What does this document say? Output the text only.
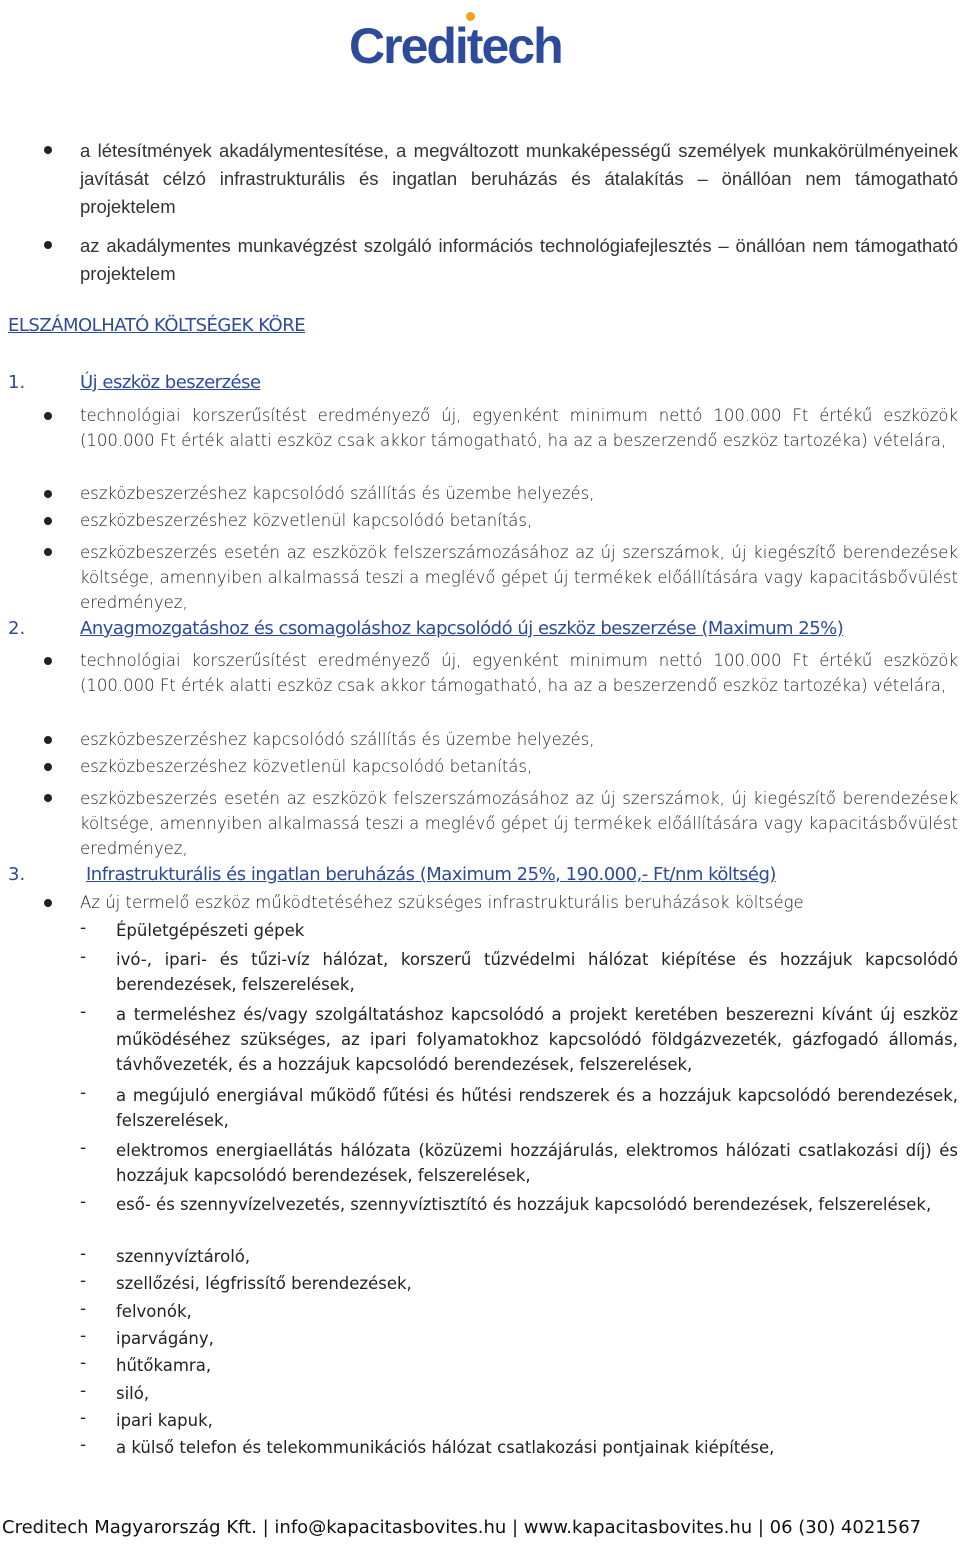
Creditech
a létesítmények akadálymentesítése, a megváltozott munkaképességű személyek munkakörülményeinek javítását célzó infrastrukturális és ingatlan beruházás és átalakítás – önállóan nem támogatható projektelem
az akadálymentes munkavégzést szolgáló információs technológiafejlesztés – önállóan nem támogatható projektelem
ELSZÁMOLHATÓ KÖLTSÉGEK KÖRE
1.	Új eszköz beszerzése
technológiai korszerűsítést eredményező új, egyenként minimum nettó 100.000 Ft értékű eszközök (100.000 Ft érték alatti eszköz csak akkor támogatható, ha az a beszerzendő eszköz tartozéka) vételára,
eszközbeszerzéshez kapcsolódó szállítás és üzembe helyezés,
eszközbeszerzéshez közvetlenül kapcsolódó betanítás,
eszközbeszerzés esetén az eszközök felszerszámozásához az új szerszámok, új kiegészítő berendezések költsége, amennyiben alkalmassá teszi a meglévő gépet új termékek előállítására vagy kapacitásbővülést eredményez,
2.	Anyagmozgatáshoz és csomagoláshoz kapcsolódó új eszköz beszerzése (Maximum 25%)
technológiai korszerűsítést eredményező új, egyenként minimum nettó 100.000 Ft értékű eszközök (100.000 Ft érték alatti eszköz csak akkor támogatható, ha az a beszerzendő eszköz tartozéka) vételára,
eszközbeszerzéshez kapcsolódó szállítás és üzembe helyezés,
eszközbeszerzéshez közvetlenül kapcsolódó betanítás,
eszközbeszerzés esetén az eszközök felszerszámozásához az új szerszámok, új kiegészítő berendezések költsége, amennyiben alkalmassá teszi a meglévő gépet új termékek előállítására vagy kapacitásbővülést eredményez,
3.	Infrastrukturális és ingatlan beruházás (Maximum 25%, 190.000,- Ft/nm költség)
Az új termelő eszköz működtetéséhez szükséges infrastrukturális beruházások költsége
- Épületgépészeti gépek
- ivó-, ipari- és tűzi-víz hálózat, korszerű tűzvédelmi hálózat kiépítése és hozzájuk kapcsolódó berendezések, felszerelések,
- a termeléshez és/vagy szolgáltatáshoz kapcsolódó a projekt keretében beszerezni kívánt új eszköz működéséhez szükséges, az ipari folyamatokhoz kapcsolódó földgázvezeték, gázfogadó állomás, távhővezeték, és a hozzájuk kapcsolódó berendezések, felszerelések,
- a megújuló energiával működő fűtési és hűtési rendszerek és a hozzájuk kapcsolódó berendezések, felszerelések,
- elektromos energiaellátás hálózata (közüzemi hozzájárulás, elektromos hálózati csatlakozási díj) és hozzájuk kapcsolódó berendezések, felszerelések,
- eső- és szennyvízelvezetés, szennyvíztisztító és hozzájuk kapcsolódó berendezések, felszerelések,
- szennyvíztároló,
- szellőzési, légfrissítő berendezések,
- felvonók,
- iparvágány,
- hűtőkamra,
- siló,
- ipari kapuk,
- a külső telefon és telekommunikációs hálózat csatlakozási pontjainak kiépítése,
Creditech Magyarország Kft. | info@kapacitasbovites.hu | www.kapacitasbovites.hu | 06 (30) 4021567
